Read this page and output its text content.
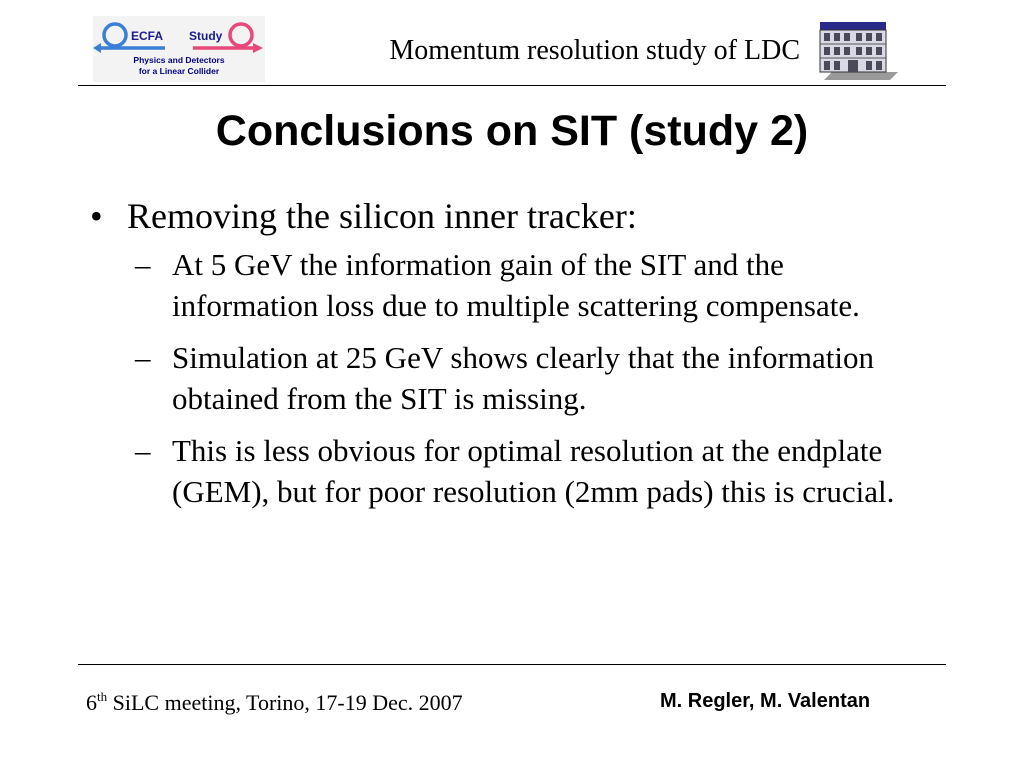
ECFA Study
Physics and Detectors
for a Linear Collider
Momentum resolution study of LDC
Conclusions on SIT (study 2)
• Removing the silicon inner tracker:
– At 5 GeV the information gain of the SIT and the information loss due to multiple scattering compensate.
– Simulation at 25 GeV shows clearly that the information obtained from the SIT is missing.
– This is less obvious for optimal resolution at the endplate (GEM), but for poor resolution (2mm pads) this is crucial.
6th SiLC meeting, Torino, 17-19 Dec. 2007	M. Regler, M. Valentan
